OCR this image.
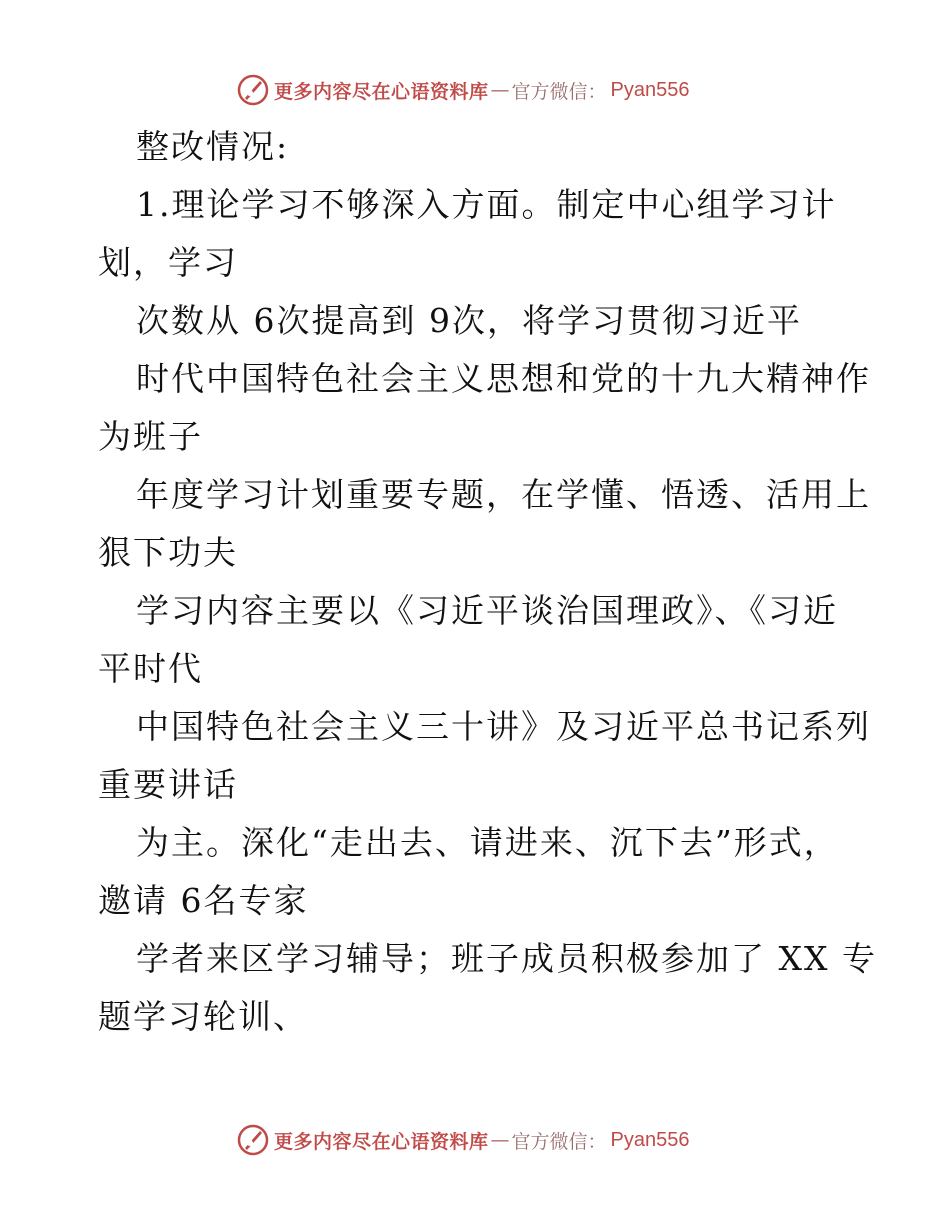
更多内容尽在心语资料库 — 官方微信： Pyan556
整改情况:
1.理论学习不够深入方面。制定中心组学习计
划，学习
次数从 6次提高到 9次，将学习贯彻习近平
时代中国特色社会主义思想和党的十九大精神作
为班子
年度学习计划重要专题，在学懂、悟透、活用上
狠下功夫
学习内容主要以《习近平谈治国理政》、《习近
平时代
中国特色社会主义三十讲》及习近平总书记系列
重要讲话
为主。深化“走出去、请进来、沉下去”形式，
邀请 6名专家
学者来区学习辅导；班子成员积极参加了 XX 专
题学习轮训、
更多内容尽在心语资料库 — 官方微信： Pyan556
